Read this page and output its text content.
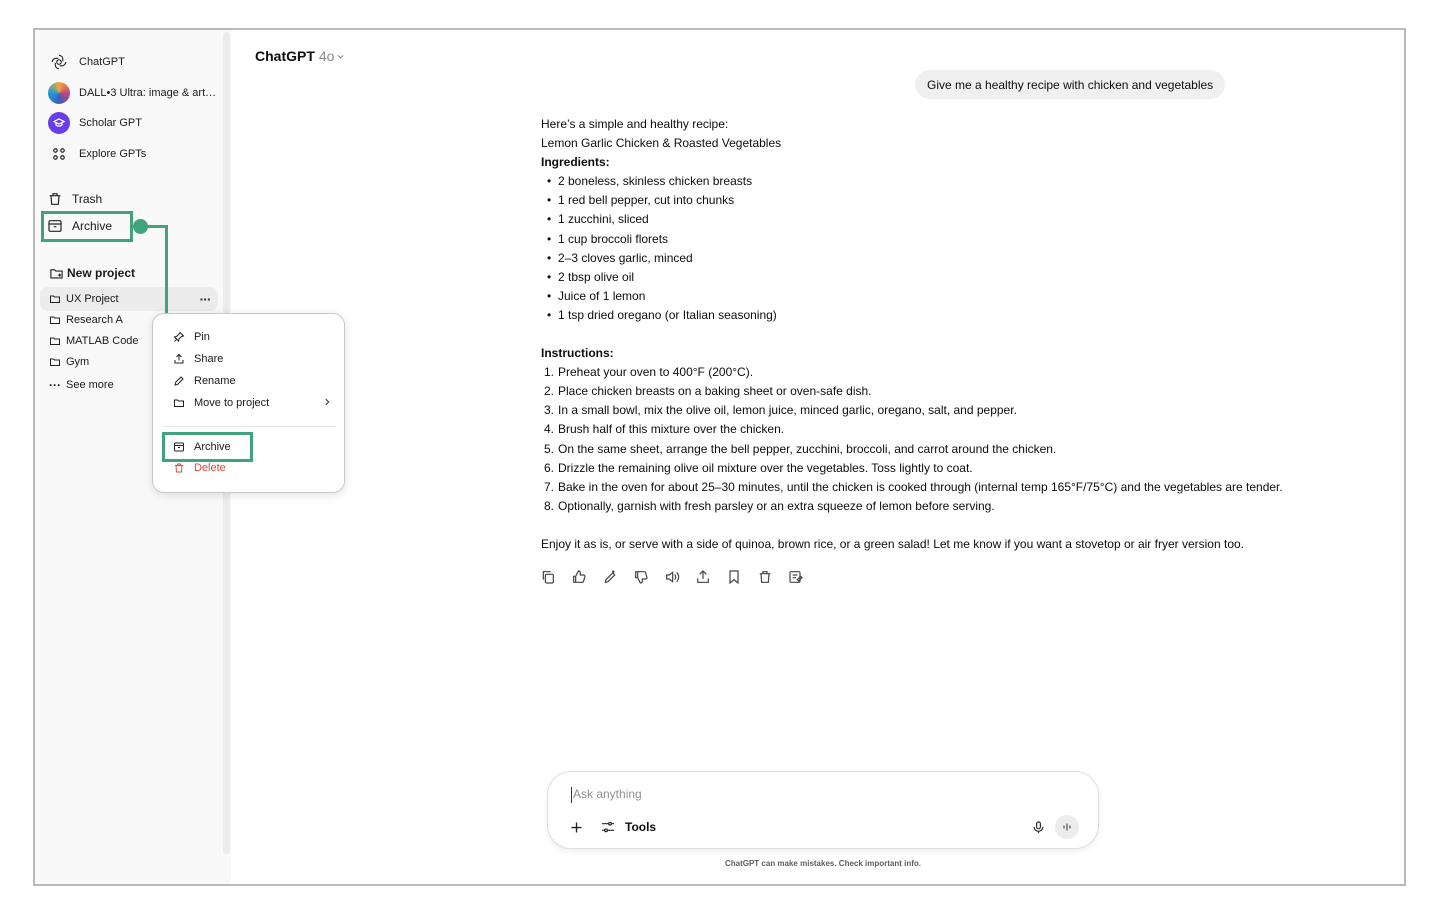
ChatGPT
DALL•3 Ultra: image & art…
Scholar GPT
Explore GPTs
Trash
Archive
New project
UX Project	···
Research A
MATLAB Code
Gym
··· See more
Pin
Share
Rename
Move to project
Archive
Delete
ChatGPT 4o
Give me a healthy recipe with chicken and vegetables
Here’s a simple and healthy recipe:
Lemon Garlic Chicken & Roasted Vegetables
Ingredients:
• 2 boneless, skinless chicken breasts
• 1 red bell pepper, cut into chunks
• 1 zucchini, sliced
• 1 cup broccoli florets
• 2–3 cloves garlic, minced
• 2 tbsp olive oil
• Juice of 1 lemon
• 1 tsp dried oregano (or Italian seasoning)
Instructions:
1. Preheat your oven to 400°F (200°C).
2. Place chicken breasts on a baking sheet or oven-safe dish.
3. In a small bowl, mix the olive oil, lemon juice, minced garlic, oregano, salt, and pepper.
4. Brush half of this mixture over the chicken.
5. On the same sheet, arrange the bell pepper, zucchini, broccoli, and carrot around the chicken.
6. Drizzle the remaining olive oil mixture over the vegetables. Toss lightly to coat.
7. Bake in the oven for about 25–30 minutes, until the chicken is cooked through (internal temp 165°F/75°C) and the vegetables are tender.
8. Optionally, garnish with fresh parsley or an extra squeeze of lemon before serving.
Enjoy it as is, or serve with a side of quinoa, brown rice, or a green salad! Let me know if you want a stovetop or air fryer version too.
Ask anything
Tools
ChatGPT can make mistakes. Check important info.
